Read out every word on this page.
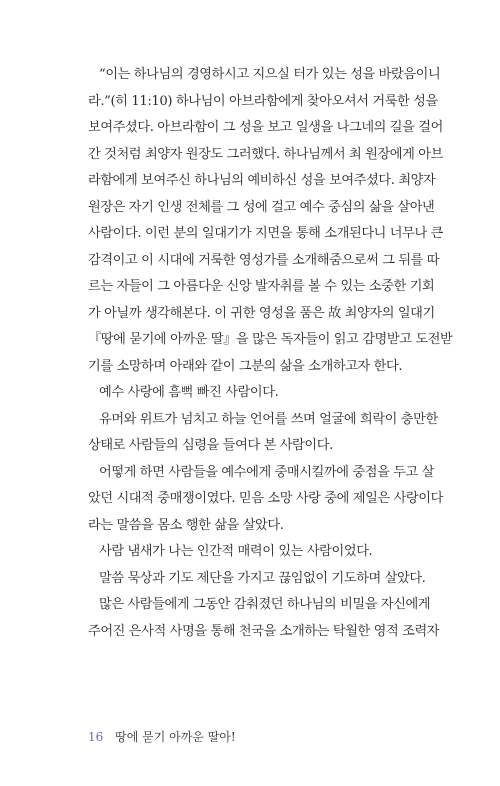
“이는 하나님의 경영하시고 지으실 터가 있는 성을 바랐음이니
라.”(히 11:10) 하나님이 아브라함에게 찾아오셔서 거룩한 성을
보여주셨다. 아브라함이 그 성을 보고 일생을 나그네의 길을 걸어
간 것처럼 최양자 원장도 그러했다. 하나님께서 최 원장에게 아브
라함에게 보여주신 하나님의 예비하신 성을 보여주셨다. 최양자
원장은 자기 인생 전체를 그 성에 걸고 예수 중심의 삶을 살아낸
사람이다. 이런 분의 일대기가 지면을 통해 소개된다니 너무나 큰
감격이고 이 시대에 거룩한 영성가를 소개해줌으로써 그 뒤를 따
르는 자들이 그 아름다운 신앙 발자취를 볼 수 있는 소중한 기회
가 아닐까 생각해본다. 이 귀한 영성을 품은 故 최양자의 일대기
『땅에 묻기에 아까운 딸』을 많은 독자들이 읽고 감명받고 도전받
기를 소망하며 아래와 같이 그분의 삶을 소개하고자 한다.
예수 사랑에 흠뻑 빠진 사람이다.
유머와 위트가 넘치고 하늘 언어를 쓰며 얼굴에 희락이 충만한
상태로 사람들의 심령을 들여다 본 사람이다.
어떻게 하면 사람들을 예수에게 중매시킬까에 중점을 두고 살
았던 시대적 중매쟁이였다. 믿음 소망 사랑 중에 제일은 사랑이다
라는 말씀을 몸소 행한 삶을 살았다.
사람 냄새가 나는 인간적 매력이 있는 사람이었다.
말씀 묵상과 기도 제단을 가지고 끊임없이 기도하며 살았다.
많은 사람들에게 그동안 감춰졌던 하나님의 비밀을 자신에게
주어진 은사적 사명을 통해 천국을 소개하는 탁월한 영적 조력자
16 땅에 묻기 아까운 딸아!
